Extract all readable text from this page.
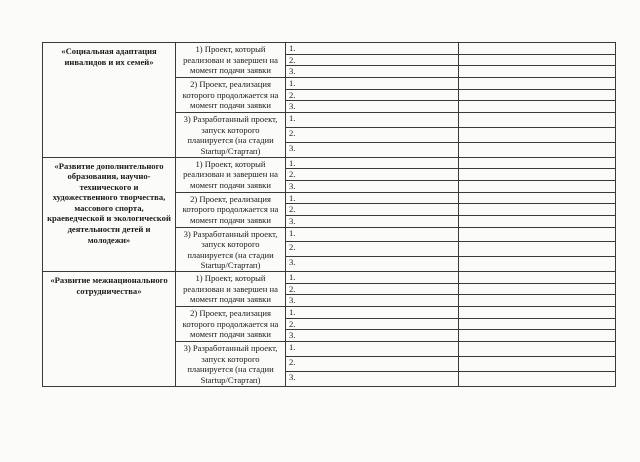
«Социальная адаптация инвалидов и их семей»	1) Проект, который реализован и завершен на момент подачи заявки	1.	
		2.	
		3.	
	2) Проект, реализация которого продолжается на момент подачи заявки	1.	
		2.	
		3.	
	3) Разработанный проект, запуск которого планируется (на стадии Startup/Стартап)	1.	
		2.	
		3.	
«Развитие дополнительного образования, научно-технического и художественного творчества, массового спорта, краеведческой и экологической деятельности детей и молодежи»	1) Проект, который реализован и завершен на момент подачи заявки	1.	
		2.	
		3.	
	2) Проект, реализация которого продолжается на момент подачи заявки	1.	
		2.	
		3.	
	3) Разработанный проект, запуск которого планируется (на стадии Startup/Стартап)	1.	
		2.	
		3.	
«Развитие межнационального сотрудничества»	1) Проект, который реализован и завершен на момент подачи заявки	1.	
		2.	
		3.	
	2) Проект, реализация которого продолжается на момент подачи заявки	1.	
		2.	
		3.	
	3) Разработанный проект, запуск которого планируется (на стадии Startup/Стартап)	1.	
		2.	
		3.	
